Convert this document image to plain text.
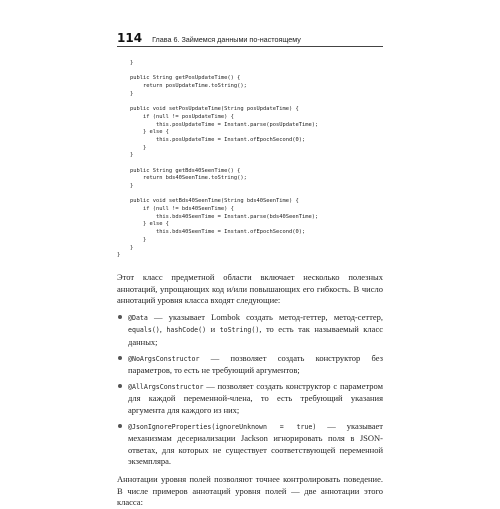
114 Глава 6. Займемся данными по-настоящему
}
public String getPosUpdateTime() {
return posUpdateTime.toString();
}
public void setPosUpdateTime(String posUpdateTime) {
if (null != posUpdateTime) {
this.posUpdateTime = Instant.parse(posUpdateTime);
} else {
this.posUpdateTime = Instant.ofEpochSecond(0);
}
}
public String getBds40SeenTime() {
return bds40SeenTime.toString();
}
public void setBds40SeenTime(String bds40SeenTime) {
if (null != bds40SeenTime) {
this.bds40SeenTime = Instant.parse(bds40SeenTime);
} else {
this.bds40SeenTime = Instant.ofEpochSecond(0);
}
}
}

Этот класс предметной области включает несколько полезных аннотаций, упрощающих код и/или повышающих его гибкость. В число аннотаций уровня класса входят следующие:

@Data — указывает Lombok создать метод-геттер, метод-сеттер, equals(), hashCode() и toString(), то есть так называемый класс данных;
@NoArgsConstructor — позволяет создать конструктор без параметров, то есть не требующий аргументов;
@AllArgsConstructor — позволяет создать конструктор с параметром для каждой переменной-члена, то есть требующий указания аргумента для каждого из них;
@JsonIgnoreProperties(ignoreUnknown = true) — указывает механизмам десериализации Jackson игнорировать поля в JSON-ответах, для которых не существует соответствующей переменной экземпляра.

Аннотации уровня полей позволяют точнее контролировать поведение. В числе примеров аннотаций уровня полей — две аннотации этого класса:
